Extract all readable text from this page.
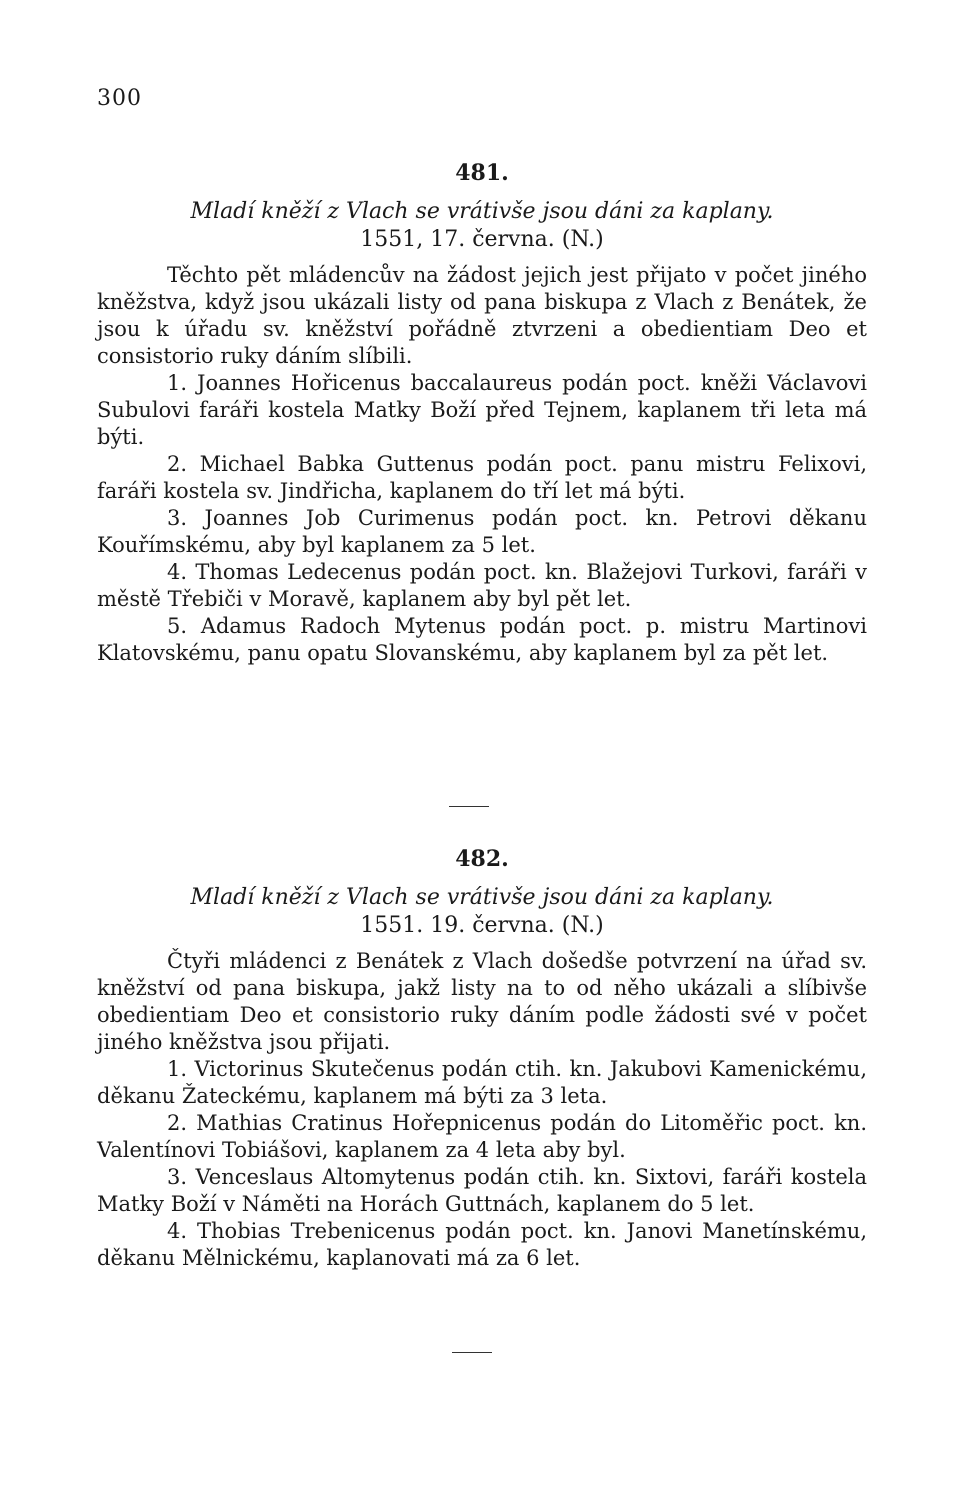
300
481.
Mladí kněží z Vlach se vrátivše jsou dáni za kaplany.
1551, 17. června. (N.)

Těchto pět mládencův na žádost jejich jest přijato v počet jiného kněžstva, když jsou ukázali listy od pana biskupa z Vlach z Benátek, že jsou k úřadu sv. kněžství pořádně ztvrzeni a obedientiam Deo et consistorio ruky dáním slíbili.

1. Joannes Hořicenus baccalaureus podán poct. kněži Václavovi Subulovi faráři kostela Matky Boží před Tejnem, kaplanem tři leta má býti.

2. Michael Babka Guttenus podán poct. panu mistru Felixovi, faráři kostela sv. Jindřicha, kaplanem do tří let má býti.

3. Joannes Job Curimenus podán poct. kn. Petrovi děkanu Kouřímskému, aby byl kaplanem za 5 let.

4. Thomas Ledecenus podán poct. kn. Blažejovi Turkovi, faráři v městě Třebiči v Moravě, kaplanem aby byl pět let.

5. Adamus Radoch Mytenus podán poct. p. mistru Martinovi Klatovskému, panu opatu Slovanskému, aby kaplanem byl za pět let.

482.
Mladí kněží z Vlach se vrátivše jsou dáni za kaplany.
1551. 19. června. (N.)

Čtyři mládenci z Benátek z Vlach došedše potvrzení na úřad sv. kněžství od pana biskupa, jakž listy na to od něho ukázali a slíbivše obedientiam Deo et consistorio ruky dáním podle žádosti své v počet jiného kněžstva jsou přijati.

1. Victorinus Skutečenus podán ctih. kn. Jakubovi Kamenickému, děkanu Žateckému, kaplanem má býti za 3 leta.

2. Mathias Cratinus Hořepnicenus podán do Litoměřic poct. kn. Valentínovi Tobiášovi, kaplanem za 4 leta aby byl.

3. Venceslaus Altomytenus podán ctih. kn. Sixtovi, faráři kostela Matky Boží v Náměti na Horách Guttnách, kaplanem do 5 let.

4. Thobias Trebenicenus podán poct. kn. Janovi Manetínskému, děkanu Mělnickému, kaplanovati má za 6 let.
